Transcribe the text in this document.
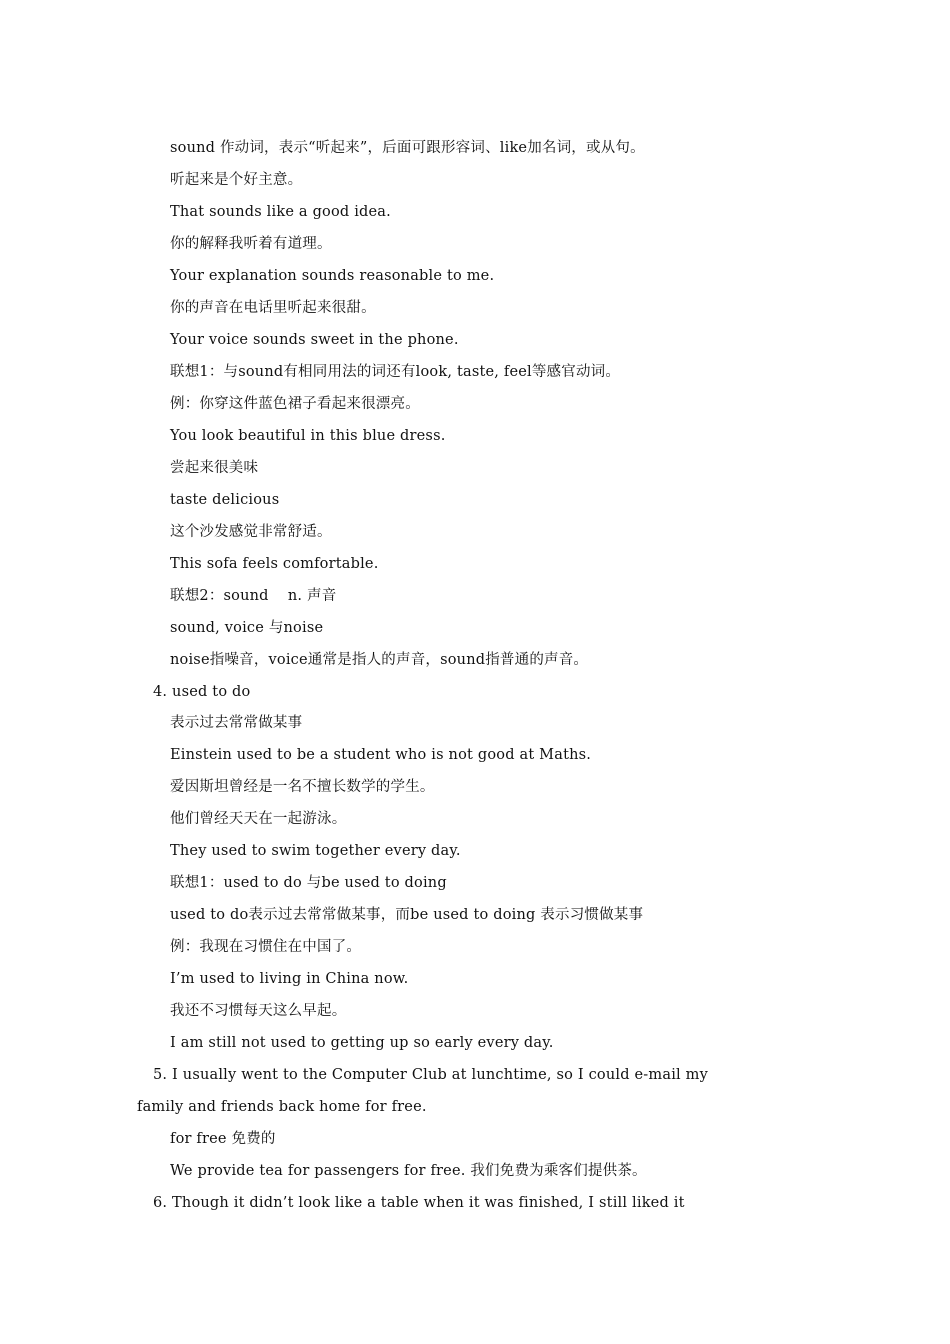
sound 作动词，表示“听起来”，后面可跟形容词、like加名词，或从句。
听起来是个好主意。
That sounds like a good idea.
你的解释我听着有道理。
Your explanation sounds reasonable to me.
你的声音在电话里听起来很甜。
Your voice sounds sweet in the phone.
联想1：与sound有相同用法的词还有look, taste, feel等感官动词。
例：你穿这件蓝色裙子看起来很漂亮。
You look beautiful in this blue dress.
尝起来很美味
taste delicious
这个沙发感觉非常舒适。
This sofa feels comfortable.
联想2：sound    n. 声音
sound, voice 与noise
noise指噪音，voice通常是指人的声音，sound指普通的声音。
4. used to do
表示过去常常做某事
Einstein used to be a student who is not good at Maths.
爱因斯坦曾经是一名不擅长数学的学生。
他们曾经天天在一起游泳。
They used to swim together every day.
联想1：used to do 与be used to doing
used to do表示过去常常做某事，而be used to doing 表示习惯做某事
例：我现在习惯住在中国了。
I’m used to living in China now.
我还不习惯每天这么早起。
I am still not used to getting up so early every day.
5. I usually went to the Computer Club at lunchtime, so I could e-mail my
family and friends back home for free.
for free 免费的
We provide tea for passengers for free. 我们免费为乘客们提供茶。
6. Though it didn’t look like a table when it was finished, I still liked it
